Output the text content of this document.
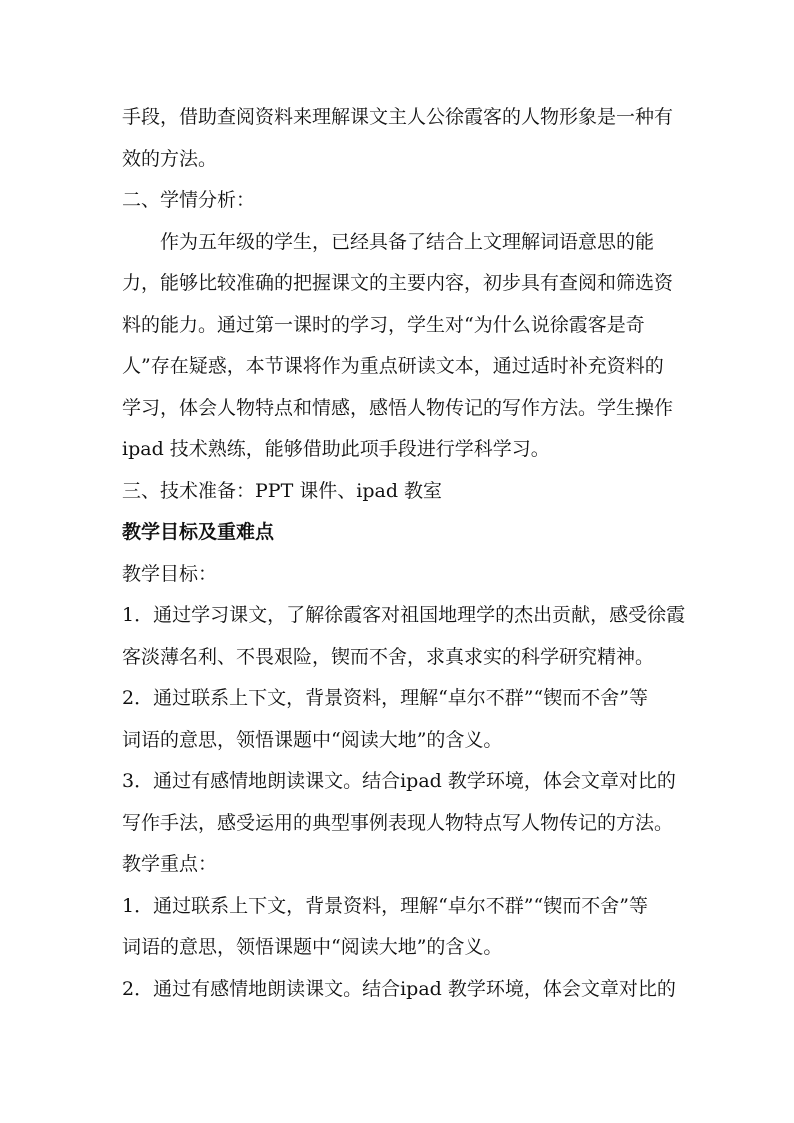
手段，借助查阅资料来理解课文主人公徐霞客的人物形象是一种有
效的方法。
二、学情分析：
作为五年级的学生，已经具备了结合上文理解词语意思的能
力，能够比较准确的把握课文的主要内容，初步具有查阅和筛选资
料的能力。通过第一课时的学习，学生对“为什么说徐霞客是奇
人”存在疑惑，本节课将作为重点研读文本，通过适时补充资料的
学习，体会人物特点和情感，感悟人物传记的写作方法。学生操作
ipad 技术熟练，能够借助此项手段进行学科学习。
三、技术准备：PPT 课件、ipad 教室
教学目标及重难点
教学目标：
1．通过学习课文，了解徐霞客对祖国地理学的杰出贡献，感受徐霞
客淡薄名利、不畏艰险，锲而不舍，求真求实的科学研究精神。
2．通过联系上下文，背景资料，理解“卓尔不群”“锲而不舍”等
词语的意思，领悟课题中“阅读大地”的含义。
3．通过有感情地朗读课文。结合ipad 教学环境，体会文章对比的
写作手法，感受运用的典型事例表现人物特点写人物传记的方法。
教学重点：
1．通过联系上下文，背景资料，理解“卓尔不群”“锲而不舍”等
词语的意思，领悟课题中“阅读大地”的含义。
2．通过有感情地朗读课文。结合ipad 教学环境，体会文章对比的
